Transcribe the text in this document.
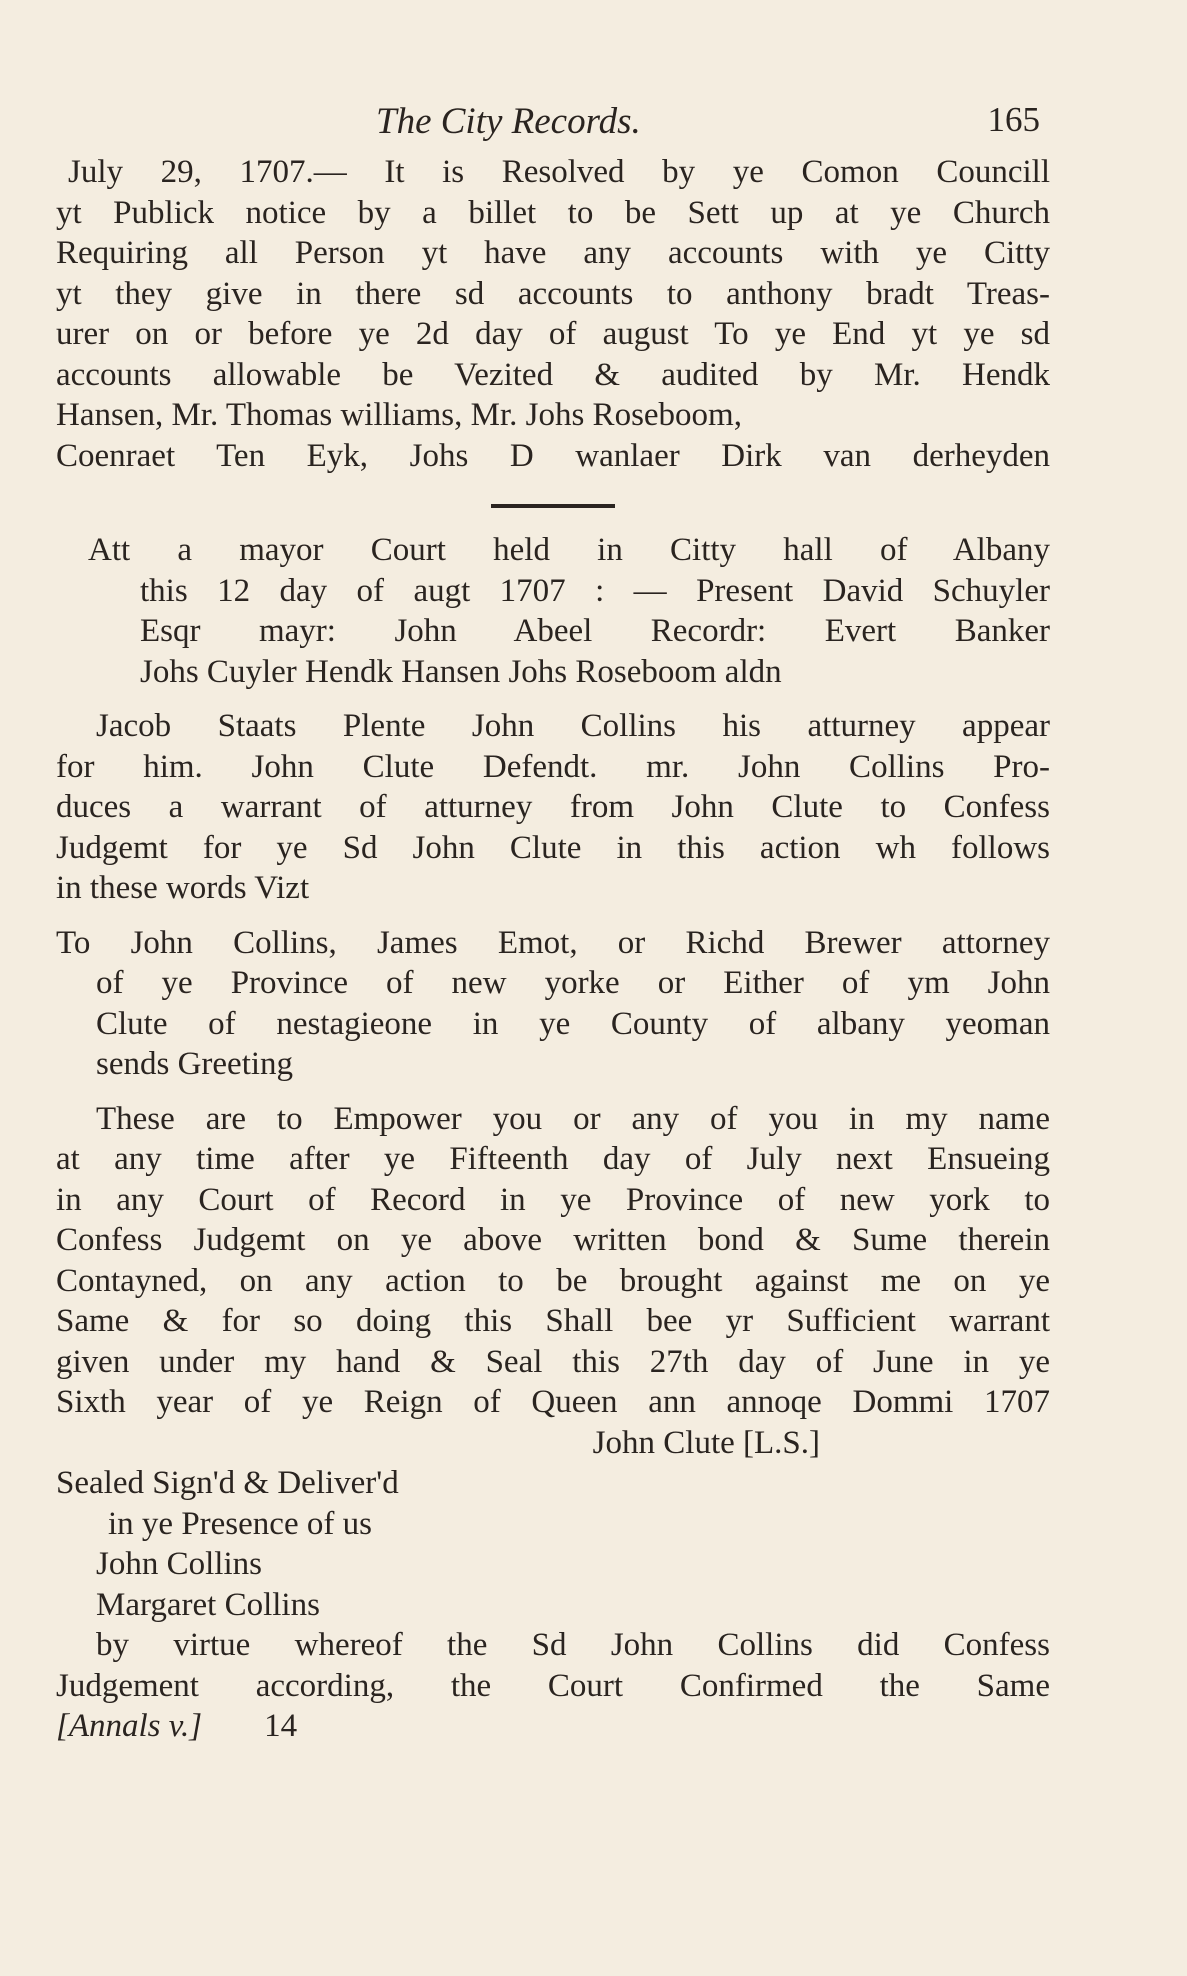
The City Records.	165
July 29, 1707.— It is Resolved by ye Comon Councill
yt Publick notice by a billet to be Sett up at ye Church
Requiring all Person yt have any accounts with ye Citty
yt they give in there sd accounts to anthony bradt Treas-
urer on or before ye 2d day of august To ye End yt ye sd
accounts allowable be Vezited & audited by Mr. Hendk
Hansen, Mr. Thomas williams, Mr. Johs Roseboom,
Coenraet Ten Eyk, Johs D wanlaer Dirk van derheyden
Att a mayor Court held in Citty hall of Albany
this 12 day of augt 1707 : — Present David Schuyler
Esqr mayr: John Abeel Recordr: Evert Banker
Johs Cuyler Hendk Hansen Johs Roseboom aldn
Jacob Staats Plente John Collins his atturney appear
for him. John Clute Defendt. mr. John Collins Pro-
duces a warrant of atturney from John Clute to Confess
Judgemt for ye Sd John Clute in this action wh follows
in these words Vizt
To John Collins, James Emot, or Richd Brewer attorney
of ye Province of new yorke or Either of ym John
Clute of nestagieone in ye County of albany yeoman
sends Greeting
These are to Empower you or any of you in my name
at any time after ye Fifteenth day of July next Ensueing
in any Court of Record in ye Province of new york to
Confess Judgemt on ye above written bond & Sume therein
Contayned, on any action to be brought against me on ye
Same & for so doing this Shall bee yr Sufficient warrant
given under my hand & Seal this 27th day of June in ye
Sixth year of ye Reign of Queen ann annoqe Dommi 1707
John Clute [L.S.]
Sealed Sign'd & Deliver'd
in ye Presence of us
John Collins
Margaret Collins
by virtue whereof the Sd John Collins did Confess
Judgement according, the Court Confirmed the Same
[Annals v.] 14
